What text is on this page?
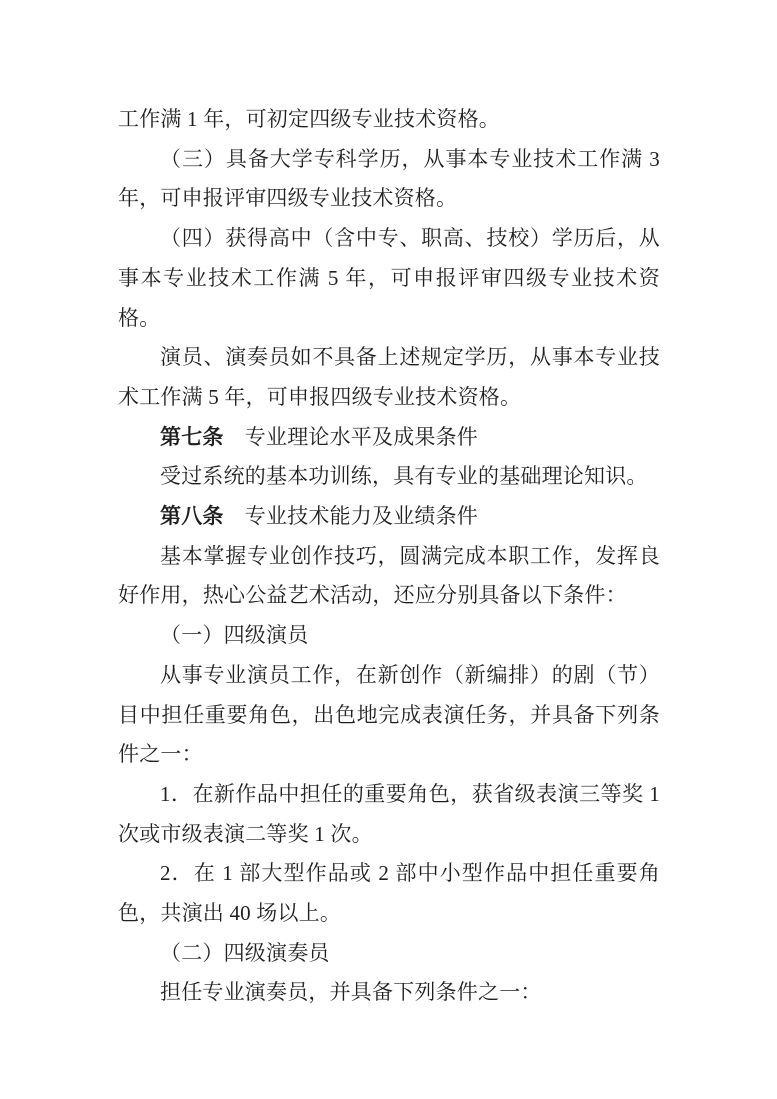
工作满 1 年，可初定四级专业技术资格。

（三）具备大学专科学历，从事本专业技术工作满 3 年，可申报评审四级专业技术资格。

（四）获得高中（含中专、职高、技校）学历后，从事本专业技术工作满 5 年，可申报评审四级专业技术资格。

演员、演奏员如不具备上述规定学历，从事本专业技术工作满 5 年，可申报四级专业技术资格。

第七条　专业理论水平及成果条件

受过系统的基本功训练，具有专业的基础理论知识。

第八条　专业技术能力及业绩条件

基本掌握专业创作技巧，圆满完成本职工作，发挥良好作用，热心公益艺术活动，还应分别具备以下条件：

（一）四级演员

从事专业演员工作，在新创作（新编排）的剧（节）目中担任重要角色，出色地完成表演任务，并具备下列条件之一：

1．在新作品中担任的重要角色，获省级表演三等奖 1 次或市级表演二等奖 1 次。

2．在 1 部大型作品或 2 部中小型作品中担任重要角色，共演出 40 场以上。

（二）四级演奏员

担任专业演奏员，并具备下列条件之一：
